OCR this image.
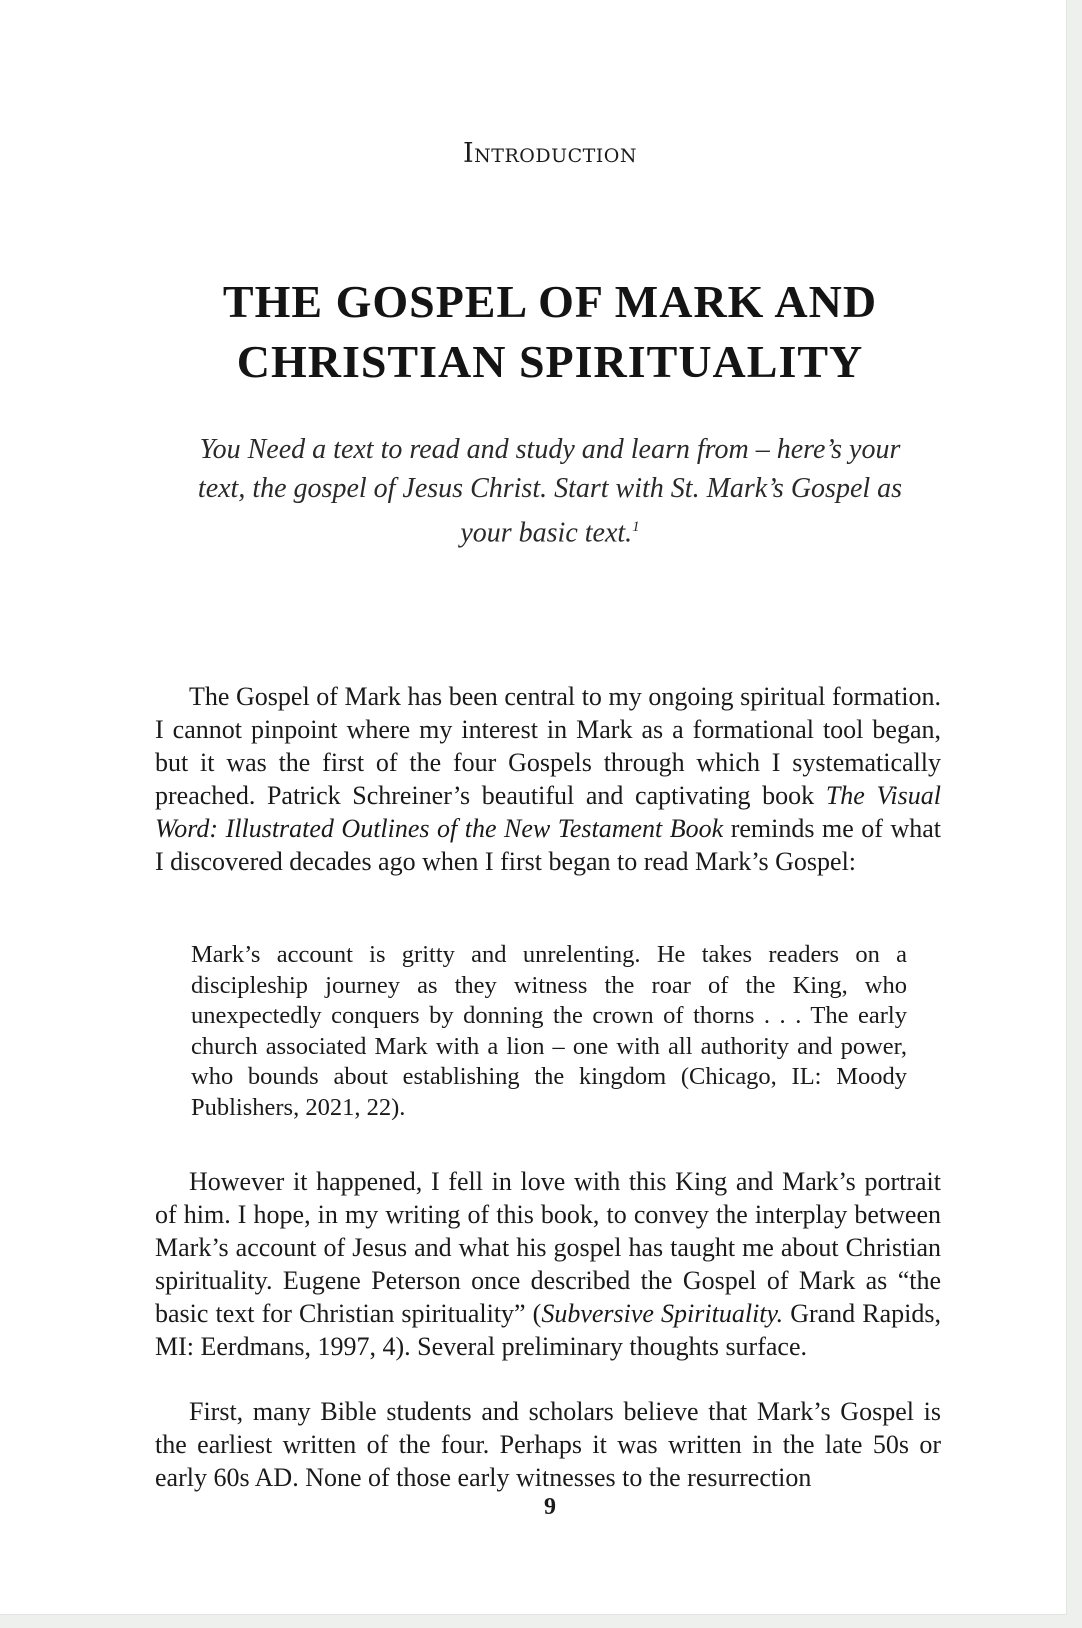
Introduction
THE GOSPEL OF MARK AND
CHRISTIAN SPIRITUALITY

You Need a text to read and study and learn from – here’s your text, the gospel of Jesus Christ. Start with St. Mark’s Gospel as your basic text.$^1$

The Gospel of Mark has been central to my ongoing spiritual formation. I cannot pinpoint where my interest in Mark as a formational tool began, but it was the first of the four Gospels through which I systematically preached. Patrick Schreiner’s beautiful and captivating book The Visual Word: Illustrated Outlines of the New Testament Book reminds me of what I discovered decades ago when I first began to read Mark’s Gospel:

Mark’s account is gritty and unrelenting. He takes readers on a discipleship journey as they witness the roar of the King, who unexpectedly conquers by donning the crown of thorns . . . The early church associated Mark with a lion – one with all authority and power, who bounds about establishing the kingdom (Chicago, IL: Moody Publishers, 2021, 22).

However it happened, I fell in love with this King and Mark’s portrait of him. I hope, in my writing of this book, to convey the interplay between Mark’s account of Jesus and what his gospel has taught me about Christian spirituality. Eugene Peterson once described the Gospel of Mark as “the basic text for Christian spirituality” (Subversive Spirituality. Grand Rapids, MI: Eerdmans, 1997, 4). Several preliminary thoughts surface.

First, many Bible students and scholars believe that Mark’s Gospel is the earliest written of the four. Perhaps it was written in the late 50s or early 60s AD. None of those early witnesses to the resurrection

9
